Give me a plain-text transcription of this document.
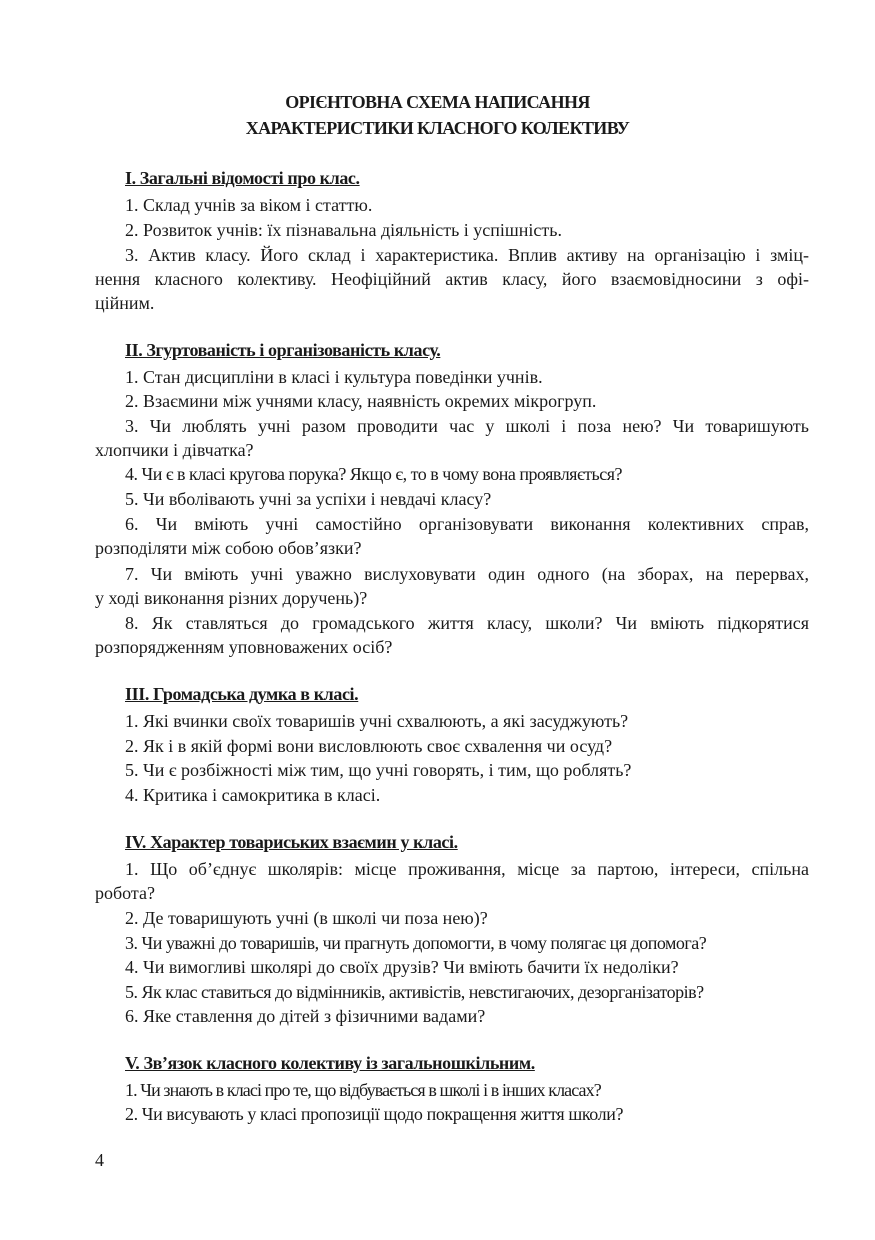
ОРІЄНТОВНА СХЕМА НАПИСАННЯ
ХАРАКТЕРИСТИКИ КЛАСНОГО КОЛЕКТИВУ
І. Загальні відомості про клас.
1. Склад учнів за віком і статтю.
2. Розвиток учнів: їх пізнавальна діяльність і успішність.
3. Актив класу. Його склад і характеристика. Вплив активу на організацію і зміц-
нення класного колективу. Неофіційний актив класу, його взаємовідносини з офі-
ційним.
ІІ. Згуртованість і організованість класу.
1. Стан дисципліни в класі і культура поведінки учнів.
2. Взаємини між учнями класу, наявність окремих мікрогруп.
3. Чи люблять учні разом проводити час у школі і поза нею? Чи товаришують
хлопчики і дівчатка?
4. Чи є в класі кругова порука? Якщо є, то в чому вона проявляється?
5. Чи вболівають учні за успіхи і невдачі класу?
6. Чи вміють учні самостійно організовувати виконання колективних справ,
розподіляти між собою обов’язки?
7. Чи вміють учні уважно вислуховувати один одного (на зборах, на перервах,
у ході виконання різних доручень)?
8. Як ставляться до громадського життя класу, школи? Чи вміють підкорятися
розпорядженням уповноважених осіб?
ІІІ. Громадська думка в класі.
1. Які вчинки своїх товаришів учні схвалюють, а які засуджують?
2. Як і в якій формі вони висловлюють своє схвалення чи осуд?
5. Чи є розбіжності між тим, що учні говорять, і тим, що роблять?
4. Критика і самокритика в класі.
ІV. Характер товариських взаємин у класі.
1. Що об’єднує школярів: місце проживання, місце за партою, інтереси, спільна
робота?
2. Де товаришують учні (в школі чи поза нею)?
3. Чи уважні до товаришів, чи прагнуть допомогти, в чому полягає ця допомога?
4. Чи вимогливі школярі до своїх друзів? Чи вміють бачити їх недоліки?
5. Як клас ставиться до відмінників, активістів, невстигаючих, дезорганізаторів?
6. Яке ставлення до дітей з фізичними вадами?
V. Зв’язок класного колективу із загальношкільним.
1. Чи знають в класі про те, що відбувається в школі і в інших класах?
2. Чи висувають у класі пропозиції щодо покращення життя школи?
4
